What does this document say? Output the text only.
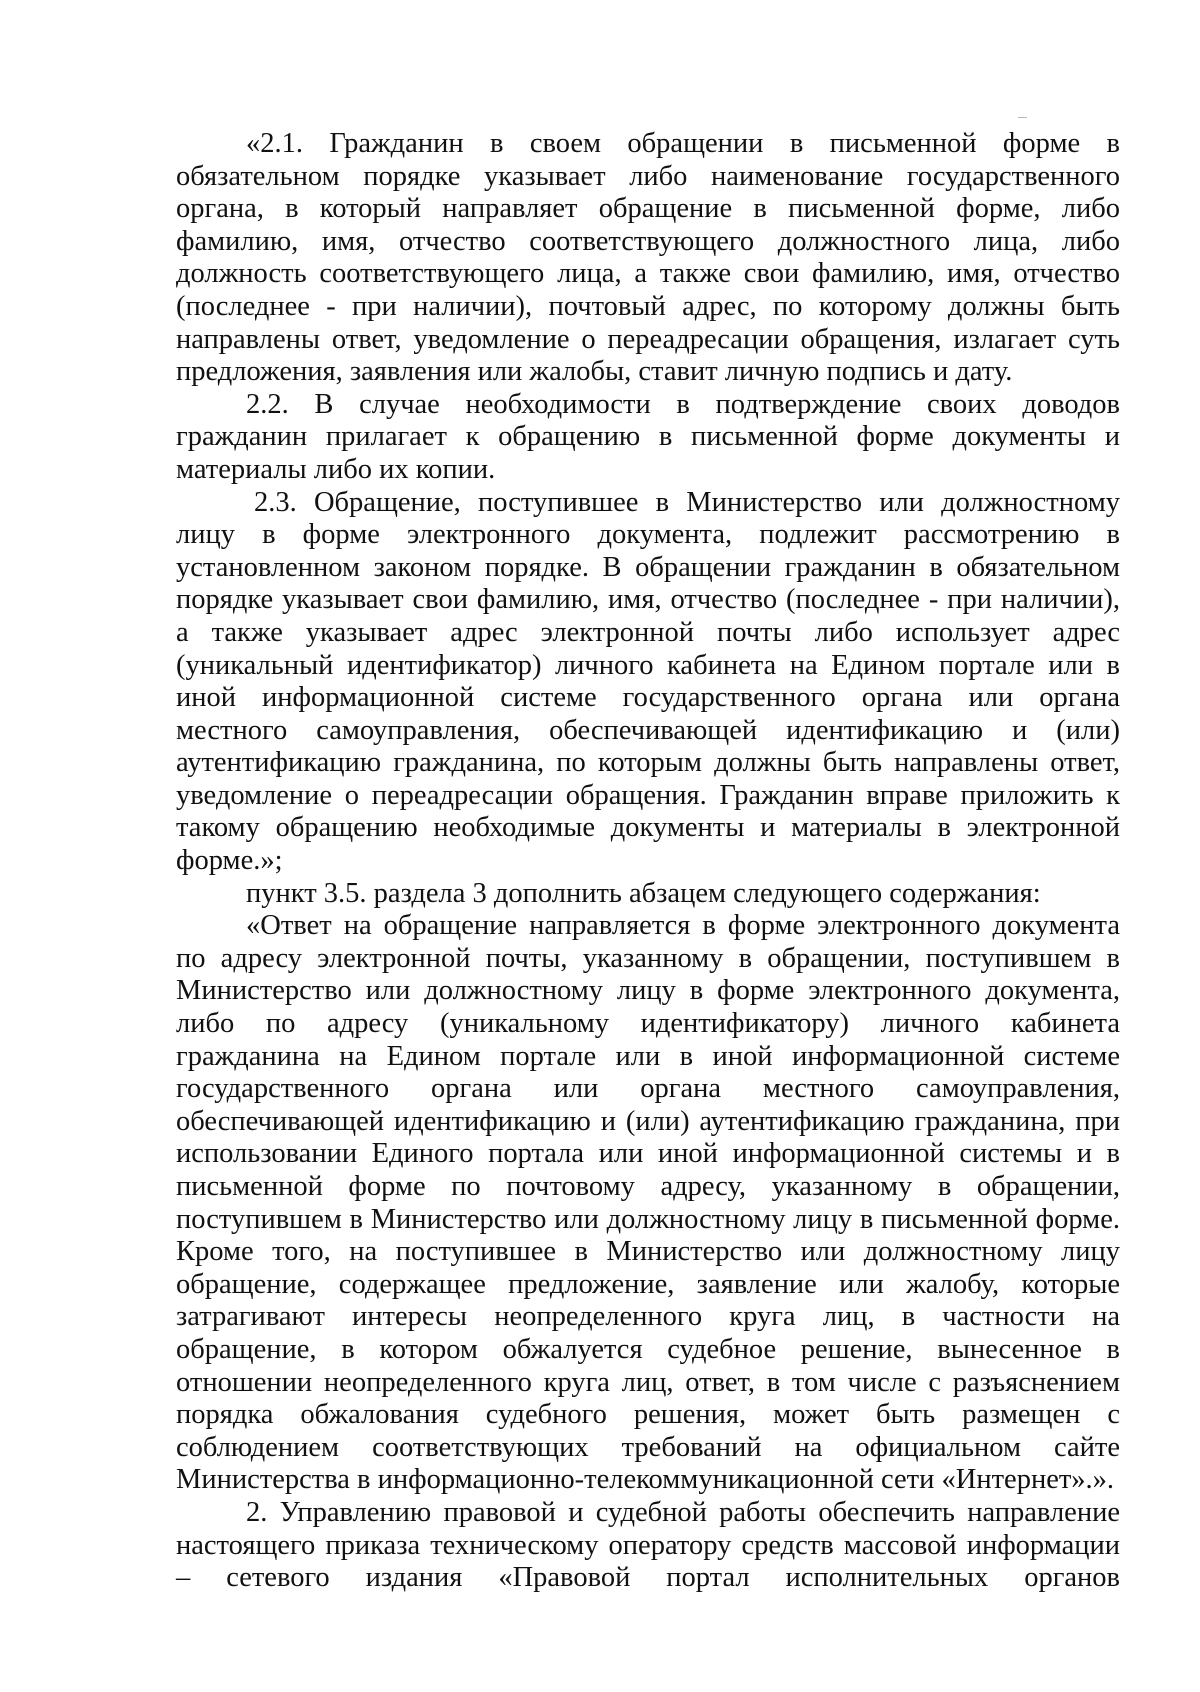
«2.1. Гражданин в своем обращении в письменной форме в обязательном порядке указывает либо наименование государственного органа, в который направляет обращение в письменной форме, либо фамилию, имя, отчество соответствующего должностного лица, либо должность соответствующего лица, а также свои фамилию, имя, отчество (последнее - при наличии), почтовый адрес, по которому должны быть направлены ответ, уведомление о переадресации обращения, излагает суть предложения, заявления или жалобы, ставит личную подпись и дату.

2.2. В случае необходимости в подтверждение своих доводов гражданин прилагает к обращению в письменной форме документы и материалы либо их копии.

2.3. Обращение, поступившее в Министерство или должностному лицу в форме электронного документа, подлежит рассмотрению в установленном законом порядке. В обращении гражданин в обязательном порядке указывает свои фамилию, имя, отчество (последнее - при наличии), а также указывает адрес электронной почты либо использует адрес (уникальный идентификатор) личного кабинета на Едином портале или в иной информационной системе государственного органа или органа местного самоуправления, обеспечивающей идентификацию и (или) аутентификацию гражданина, по которым должны быть направлены ответ, уведомление о переадресации обращения. Гражданин вправе приложить к такому обращению необходимые документы и материалы в электронной форме.»;

пункт 3.5. раздела 3 дополнить абзацем следующего содержания:

«Ответ на обращение направляется в форме электронного документа по адресу электронной почты, указанному в обращении, поступившем в Министерство или должностному лицу в форме электронного документа, либо по адресу (уникальному идентификатору) личного кабинета гражданина на Едином портале или в иной информационной системе государственного органа или органа местного самоуправления, обеспечивающей идентификацию и (или) аутентификацию гражданина, при использовании Единого портала или иной информационной системы и в письменной форме по почтовому адресу, указанному в обращении, поступившем в Министерство или должностному лицу в письменной форме. Кроме того, на поступившее в Министерство или должностному лицу обращение, содержащее предложение, заявление или жалобу, которые затрагивают интересы неопределенного круга лиц, в частности на обращение, в котором обжалуется судебное решение, вынесенное в отношении неопределенного круга лиц, ответ, в том числе с разъяснением порядка обжалования судебного решения, может быть размещен с соблюдением соответствующих требований на официальном сайте Министерства в информационно-телекоммуникационной сети «Интернет».».

2. Управлению правовой и судебной работы обеспечить направление настоящего приказа техническому оператору средств массовой информации – сетевого издания «Правовой портал исполнительных органов
